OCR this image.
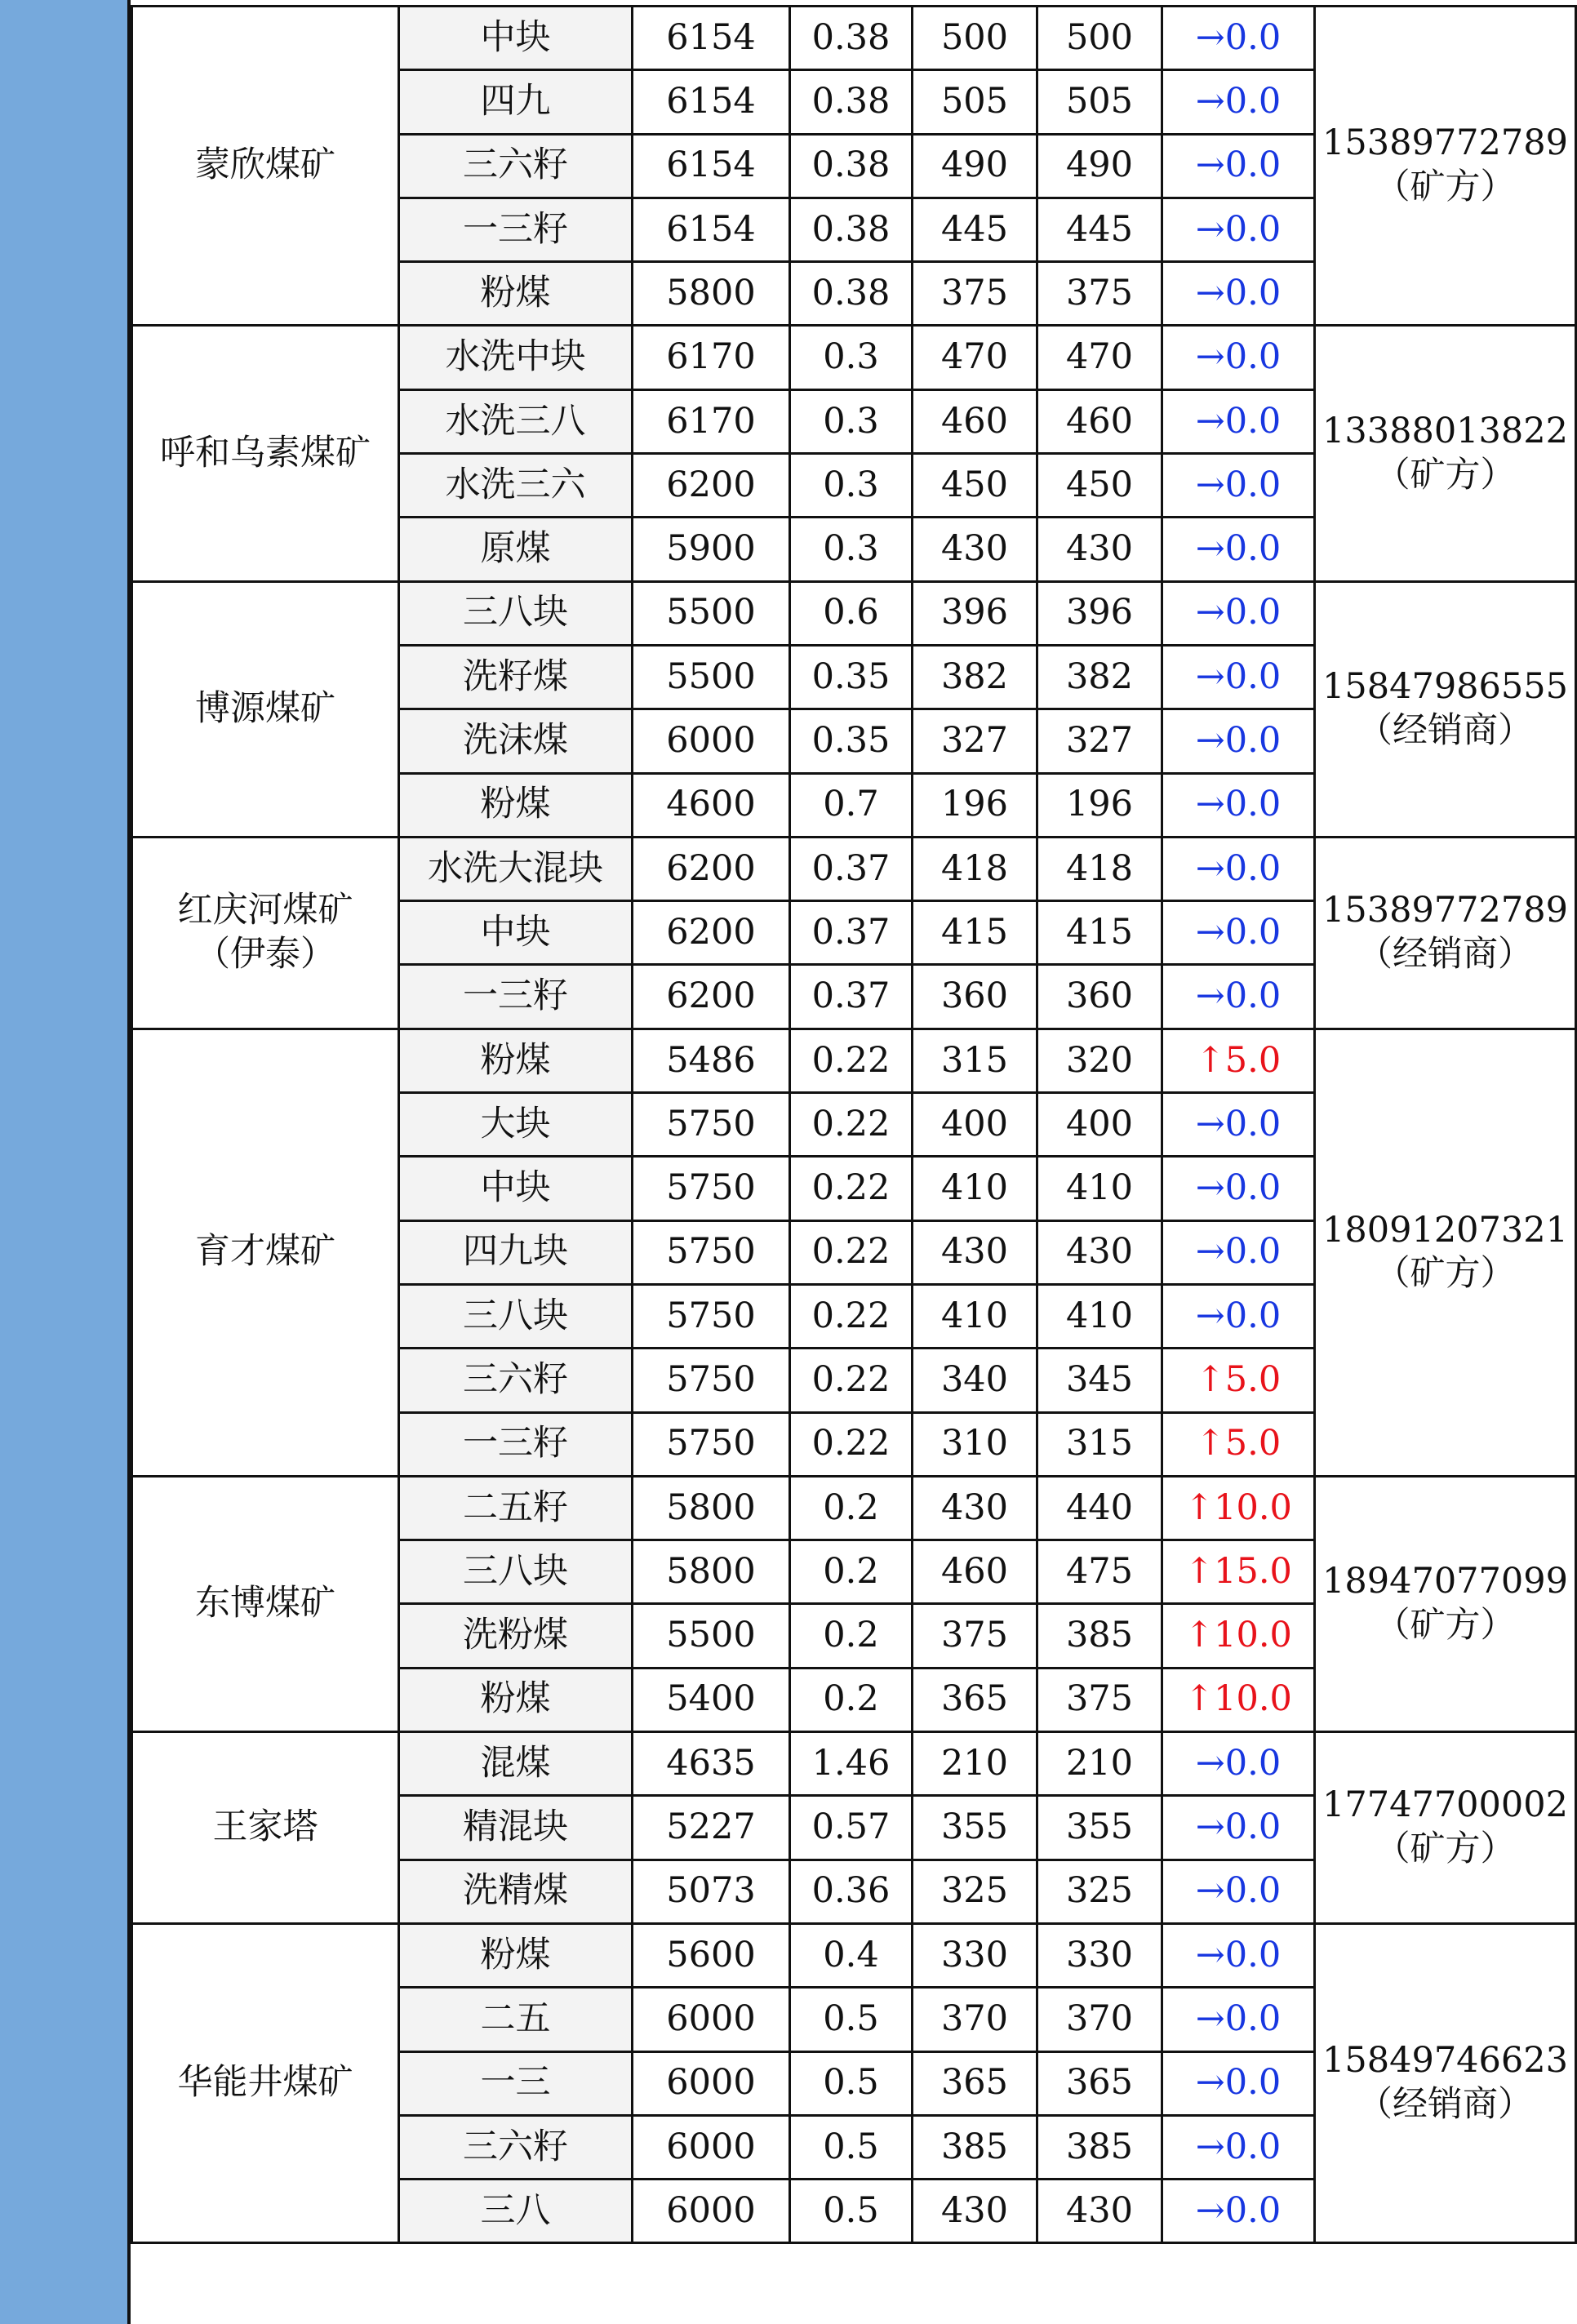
蒙欣煤矿	中块	6154	0.38	500	500	→0.0	15389772789
（矿方）

	四九	6154	0.38	505	505	→0.0	
	三六籽	6154	0.38	490	490	→0.0	
	一三籽	6154	0.38	445	445	→0.0	
	粉煤	5800	0.38	375	375	→0.0	

呼和乌素煤矿	水洗中块	6170	0.3	470	470	→0.0	13388013822
（矿方）

	水洗三八	6170	0.3	460	460	→0.0	
	水洗三六	6200	0.3	450	450	→0.0	
	原煤	5900	0.3	430	430	→0.0	

博源煤矿	三八块	5500	0.6	396	396	→0.0	15847986555
（经销商）

	洗籽煤	5500	0.35	382	382	→0.0	
	洗沫煤	6000	0.35	327	327	→0.0	
	粉煤	4600	0.7	196	196	→0.0	

红庆河煤矿
（伊泰）	水洗大混块	6200	0.37	418	418	→0.0	15389772789
（经销商）

	中块	6200	0.37	415	415	→0.0	
	一三籽	6200	0.37	360	360	→0.0	

育才煤矿	粉煤	5486	0.22	315	320	↑5.0	18091207321
（矿方）

	大块	5750	0.22	400	400	→0.0	
	中块	5750	0.22	410	410	→0.0	
	四九块	5750	0.22	430	430	→0.0	
	三八块	5750	0.22	410	410	→0.0	
	三六籽	5750	0.22	340	345	↑5.0	
	一三籽	5750	0.22	310	315	↑5.0	

东博煤矿	二五籽	5800	0.2	430	440	↑10.0	18947077099
（矿方）

	三八块	5800	0.2	460	475	↑15.0	
	洗粉煤	5500	0.2	375	385	↑10.0	
	粉煤	5400	0.2	365	375	↑10.0	

王家塔	混煤	4635	1.46	210	210	→0.0	17747700002
（矿方）

	精混块	5227	0.57	355	355	→0.0	
	洗精煤	5073	0.36	325	325	→0.0	

华能井煤矿	粉煤	5600	0.4	330	330	→0.0	15849746623
（经销商）

	二五	6000	0.5	370	370	→0.0	
	一三	6000	0.5	365	365	→0.0	
	三六籽	6000	0.5	385	385	→0.0	
	三八	6000	0.5	430	430	→0.0	
